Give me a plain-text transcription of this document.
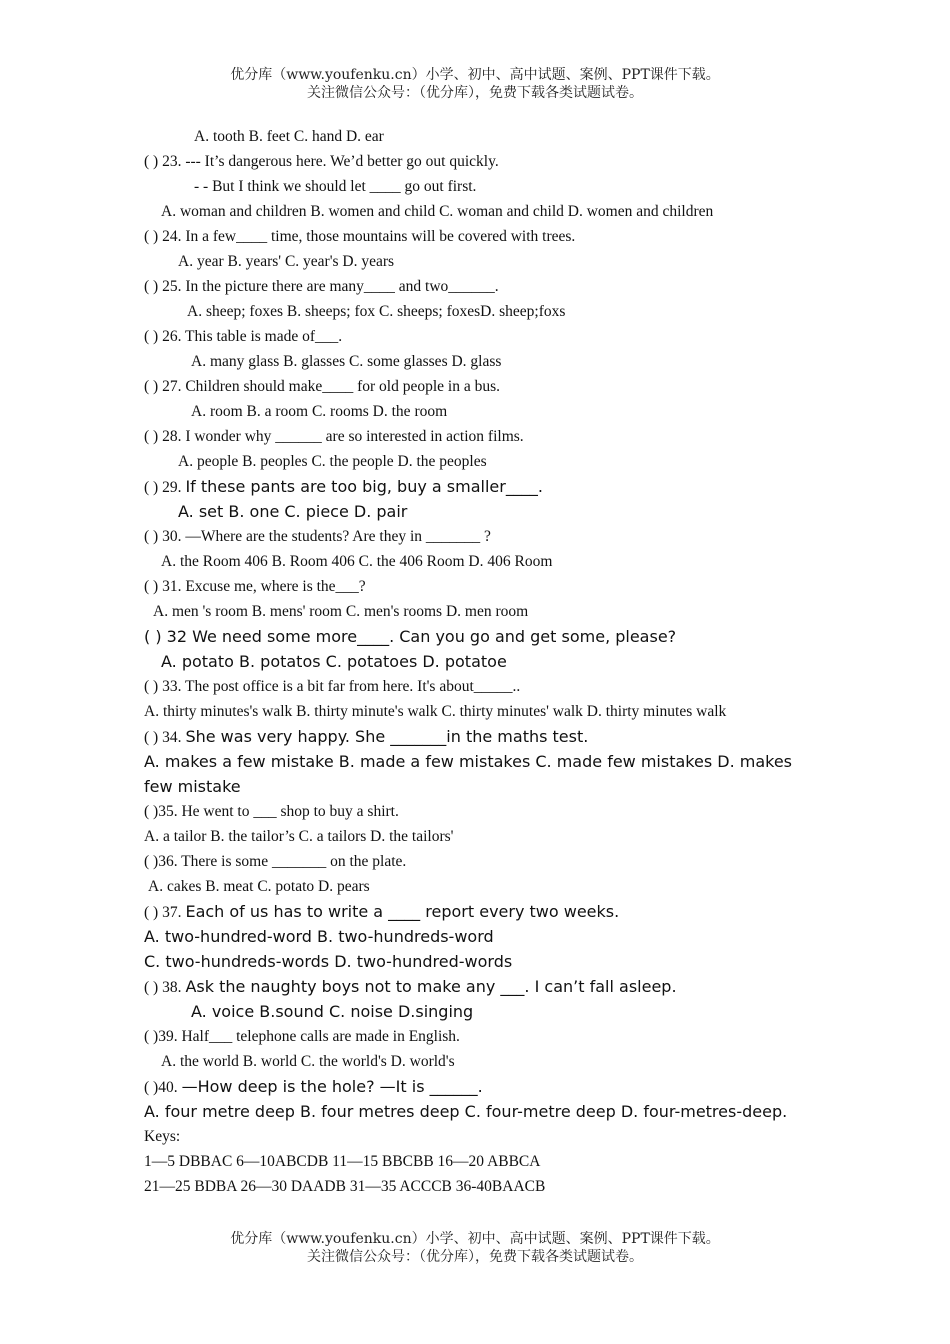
优分库（www.youfenku.cn）小学、初中、高中试题、案例、PPT课件下载。
关注微信公众号：（优分库），免费下载各类试题试卷。
A. tooth B. feet C. hand D. ear
( ) 23. --- It’s dangerous here. We’d better go out quickly.
- - But I think we should let ____ go out first.
A. woman and children B. women and child C. woman and child D. women and children
( ) 24. In a few____ time, those mountains will be covered with trees.
A. year B. years' C. year's D. years
( ) 25. In the picture there are many____ and two______.
A. sheep; foxes B. sheeps; fox C. sheeps; foxesD. sheep;foxs
( ) 26. This table is made of___.
A. many glass B. glasses C. some glasses D. glass
( ) 27. Children should make____ for old people in a bus.
A. room B. a room C. rooms D. the room
( ) 28. I wonder why ______ are so interested in action films.
A. people B. peoples C. the people D. the peoples
( ) 29. If these pants are too big, buy a smaller____.
A. set B. one C. piece D. pair
( ) 30. —Where are the students? Are they in _______ ?
A. the Room 406 B. Room 406 C. the 406 Room D. 406 Room
( ) 31. Excuse me, where is the___?
A. men 's room B. mens' room C. men's rooms D. men room
( ) 32 We need some more____. Can you go and get some, please?
A. potato B. potatos C. potatoes D. potatoe
( ) 33. The post office is a bit far from here. It's about_____..
A. thirty minutes's walk B. thirty minute's walk C. thirty minutes' walk D. thirty minutes walk
( ) 34. She was very happy. She _______in the maths test.
A. makes a few mistake B. made a few mistakes C. made few mistakes D. makes few mistake
( )35. He went to ___ shop to buy a shirt.
A. a tailor B. the tailor’s C. a tailors D. the tailors'
( )36. There is some _______ on the plate.
A. cakes B. meat C. potato D. pears
( ) 37. Each of us has to write a ____ report every two weeks.
A. two-hundred-word B. two-hundreds-word
C. two-hundreds-words D. two-hundred-words
( ) 38. Ask the naughty boys not to make any ___. I can’t fall asleep.
A. voice B.sound C. noise D.singing
( )39. Half___ telephone calls are made in English.
A. the world B. world C. the world's D. world's
( )40. —How deep is the hole? —It is ______.
A. four metre deep B. four metres deep C. four-metre deep D. four-metres-deep.
Keys:
1—5 DBBAC 6—10ABCDB 11—15 BBCBB 16—20 ABBCA
21—25 BDBA 26—30 DAADB 31—35 ACCCB 36-40BAACB
优分库（www.youfenku.cn）小学、初中、高中试题、案例、PPT课件下载。
关注微信公众号：（优分库），免费下载各类试题试卷。
